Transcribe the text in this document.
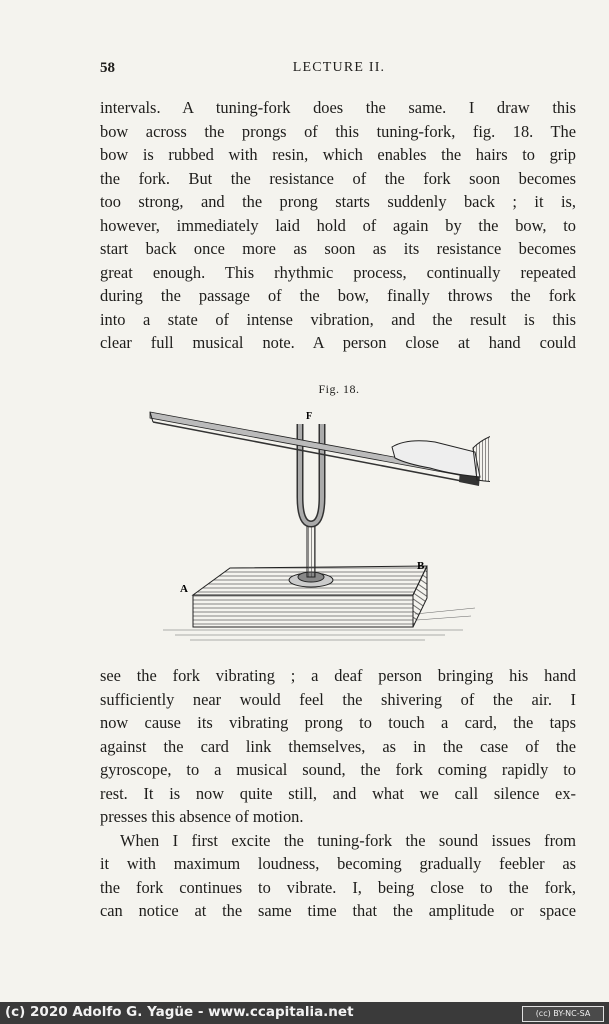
58	LECTURE II.
intervals. A tuning-fork does the same. I draw this
bow across the prongs of this tuning-fork, fig. 18. The
bow is rubbed with resin, which enables the hairs to grip
the fork. But the resistance of the fork soon becomes
too strong, and the prong starts suddenly back ; it is,
however, immediately laid hold of again by the bow, to
start back once more as soon as its resistance becomes
great enough. This rhythmic process, continually repeated
during the passage of the bow, finally throws the fork
into a state of intense vibration, and the result is this
clear full musical note. A person close at hand could
Fig. 18.
F
A
B
see the fork vibrating ; a deaf person bringing his hand
sufficiently near would feel the shivering of the air. I
now cause its vibrating prong to touch a card, the taps
against the card link themselves, as in the case of the
gyroscope, to a musical sound, the fork coming rapidly to
rest. It is now quite still, and what we call silence ex-
presses this absence of motion.
When I first excite the tuning-fork the sound issues from
it with maximum loudness, becoming gradually feebler as
the fork continues to vibrate. I, being close to the fork,
can notice at the same time that the amplitude or space
(c) 2020 Adolfo G. Yagüe - www.ccapitalia.net	(cc) BY-NC-SA
